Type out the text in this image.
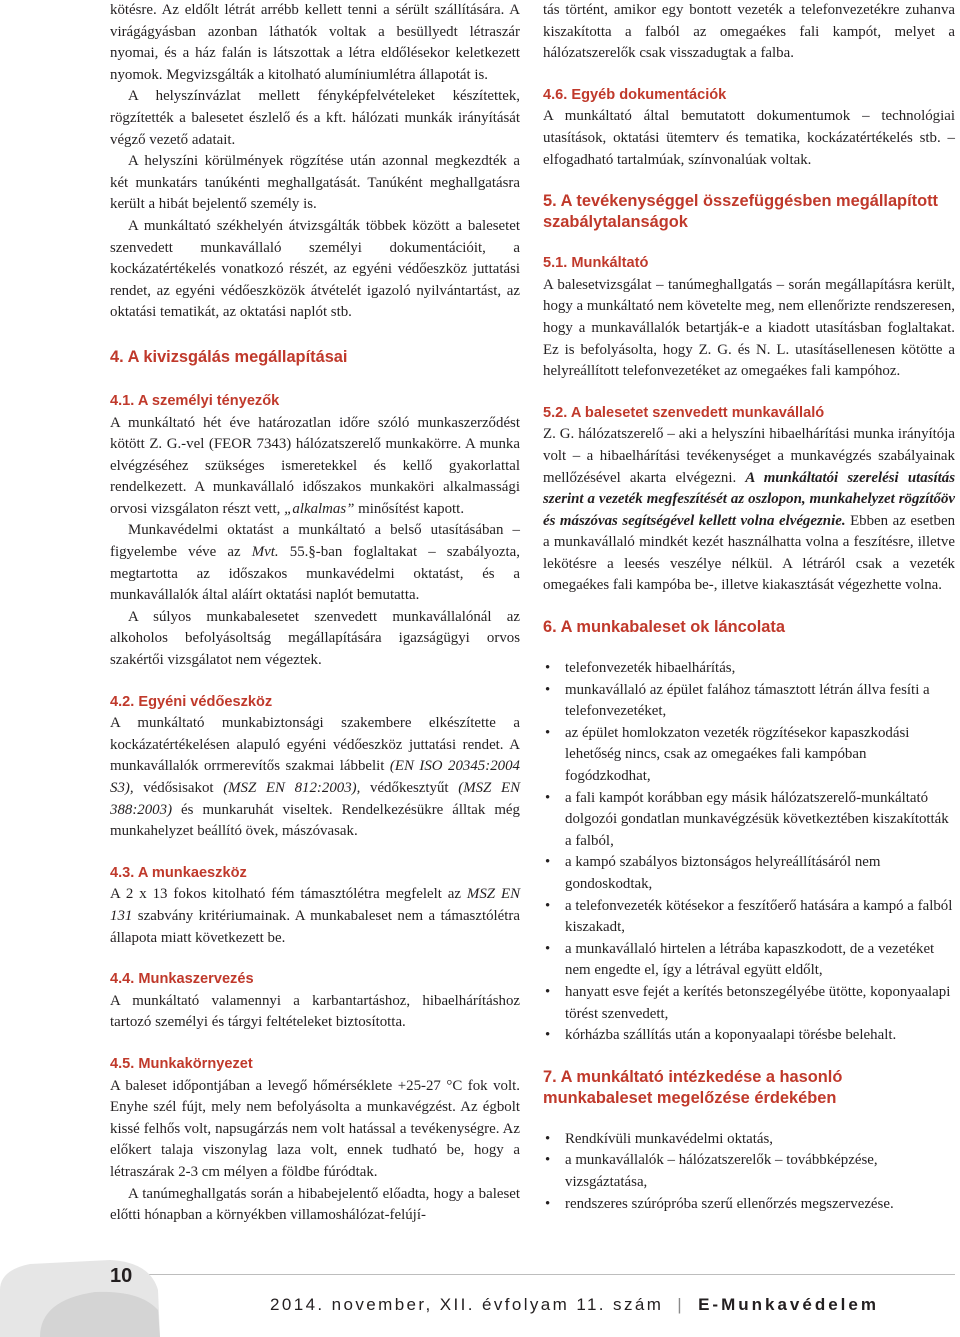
kötésre. Az eldőlt létrát arrébb kellett tenni a sérült szállítására. A virágágyásban azonban láthatók voltak a besüllyedt létraszár nyomai, és a ház falán is látszottak a létra eldőlésekor keletkezett nyomok. Megvizsgálták a kitolható alumíniumlétra állapotát is.

A helyszínvázlat mellett fényképfelvételeket készítettek, rögzítették a balesetet észlelő és a kft. hálózati munkák irányítását végző vezető adatait.

A helyszíni körülmények rögzítése után azonnal megkezdték a két munkatárs tanúkénti meghallgatását. Tanúként meghallgatásra került a hibát bejelentő személy is.

A munkáltató székhelyén átvizsgálták többek között a balesetet szenvedett munkavállaló személyi dokumentációit, a kockázatértékelés vonatkozó részét, az egyéni védőeszköz juttatási rendet, az egyéni védőeszközök átvételét igazoló nyilvántartást, az oktatási tematikát, az oktatási naplót stb.

4. A kivizsgálás megállapításai
4.1. A személyi tényezők

A munkáltató hét éve határozatlan időre szóló munkaszerződést kötött Z. G.-vel (FEOR 7343) hálózatszerelő munkakörre. A munka elvégzéséhez szükséges ismeretekkel és kellő gyakorlattal rendelkezett. A munkavállaló időszakos munkaköri alkalmassági orvosi vizsgálaton részt vett, „alkalmas” minősítést kapott.

Munkavédelmi oktatást a munkáltató a belső utasításában – figyelembe véve az Mvt. 55.§-ban foglaltakat – szabályozta, megtartotta az időszakos munkavédelmi oktatást, és a munkavállalók által aláírt oktatási naplót bemutatta.

A súlyos munkabalesetet szenvedett munkavállalónál az alkoholos befolyásoltság megállapítására igazságügyi orvos szakértői vizsgálatot nem végeztek.

4.2. Egyéni védőeszköz

A munkáltató munkabiztonsági szakembere elkészítette a kockázatértékelésen alapuló egyéni védőeszköz juttatási rendet. A munkavállalók orrmerevítős szakmai lábbelit (EN ISO 20345:2004 S3), védősisakot (MSZ EN 812:2003), védőkesztyűt (MSZ EN 388:2003) és munkaruhát viseltek. Rendelkezésükre álltak még munkahelyzet beállító övek, mászóvasak.

4.3. A munkaeszköz

A 2 x 13 fokos kitolható fém támasztólétra megfelelt az MSZ EN 131 szabvány kritériumainak. A munkabaleset nem a támasztólétra állapota miatt következett be.

4.4. Munkaszervezés

A munkáltató valamennyi a karbantartáshoz, hibaelhárításhoz tartozó személyi és tárgyi feltételeket biztosította.

4.5. Munkakörnyezet

A baleset időpontjában a levegő hőmérséklete +25-27 °C fok volt. Enyhe szél fújt, mely nem befolyásolta a munkavégzést. Az égbolt kissé felhős volt, napsugárzás nem volt hatással a tevékenységre. Az előkert talaja viszonylag laza volt, ennek tudható be, hogy a létraszárak 2-3 cm mélyen a földbe fúródtak.

A tanúmeghallgatás során a hibabejelentő előadta, hogy a baleset előtti hónapban a környékben villamoshálózat-felújí-

tás történt, amikor egy bontott vezeték a telefonvezetékre zuhanva kiszakította a falból az omegaékes fali kampót, melyet a hálózatszerelők csak visszadugtak a falba.

4.6. Egyéb dokumentációk

A munkáltató által bemutatott dokumentumok – technológiai utasítások, oktatási ütemterv és tematika, kockázatértékelés stb. – elfogadható tartalmúak, színvonalúak voltak.

5. A tevékenységgel összefüggésben megállapított szabálytalanságok
5.1. Munkáltató

A balesetvizsgálat – tanúmeghallgatás – során megállapításra került, hogy a munkáltató nem követelte meg, nem ellenőrizte rendszeresen, hogy a munkavállalók betartják-e a kiadott utasításban foglaltakat. Ez is befolyásolta, hogy Z. G. és N. L. utasításellenesen kötötte a helyreállított telefonvezetéket az omegaékes fali kampóhoz.

5.2. A balesetet szenvedett munkavállaló

Z. G. hálózatszerelő – aki a helyszíni hibaelhárítási munka irányítója volt – a hibaelhárítási tevékenységet a munkavégzés szabályainak mellőzésével akarta elvégezni. A munkáltatói szerelési utasítás szerint a vezeték megfeszítését az oszlopon, munkahelyzet rögzítőöv és mászóvas segítségével kellett volna elvégeznie. Ebben az esetben a munkavállaló mindkét kezét használhatta volna a feszítésre, illetve lekötésre a leesés veszélye nélkül. A létráról csak a vezeték omegaékes fali kampóba be-, illetve kiakasztását végezhette volna.

6. A munkabaleset ok láncolata
• telefonvezeték hibaelhárítás,
• munkavállaló az épület falához támasztott létrán állva fesíti a telefonvezetéket,
• az épület homlokzaton vezeték rögzítésekor kapaszkodási lehetőség nincs, csak az omegaékes fali kampóban fogódzkodhat,
• a fali kampót korábban egy másik hálózatszerelő-munkáltató dolgozói gondatlan munkavégzésük következtében kiszakították a falból,
• a kampó szabályos biztonságos helyreállításáról nem gondoskodtak,
• a telefonvezeték kötésekor a feszítőerő hatására a kampó a falból kiszakadt,
• a munkavállaló hirtelen a létrába kapaszkodott, de a vezetéket nem engedte el, így a létrával együtt eldőlt,
• hanyatt esve fejét a kerítés betonszegélyébe ütötte, koponyaalapi törést szenvedett,
• kórházba szállítás után a koponyaalapi törésbe belehalt.
7. A munkáltató intézkedése a hasonló munkabaleset megelőzése érdekében
• Rendkívüli munkavédelmi oktatás,
• a munkavállalók – hálózatszerelők – továbbképzése, vizsgáztatása,
• rendszeres szúrópróba szerű ellenőrzés megszervezése.
10
2014. november, XII. évfolyam 11. szám | E-Munkavédelem
